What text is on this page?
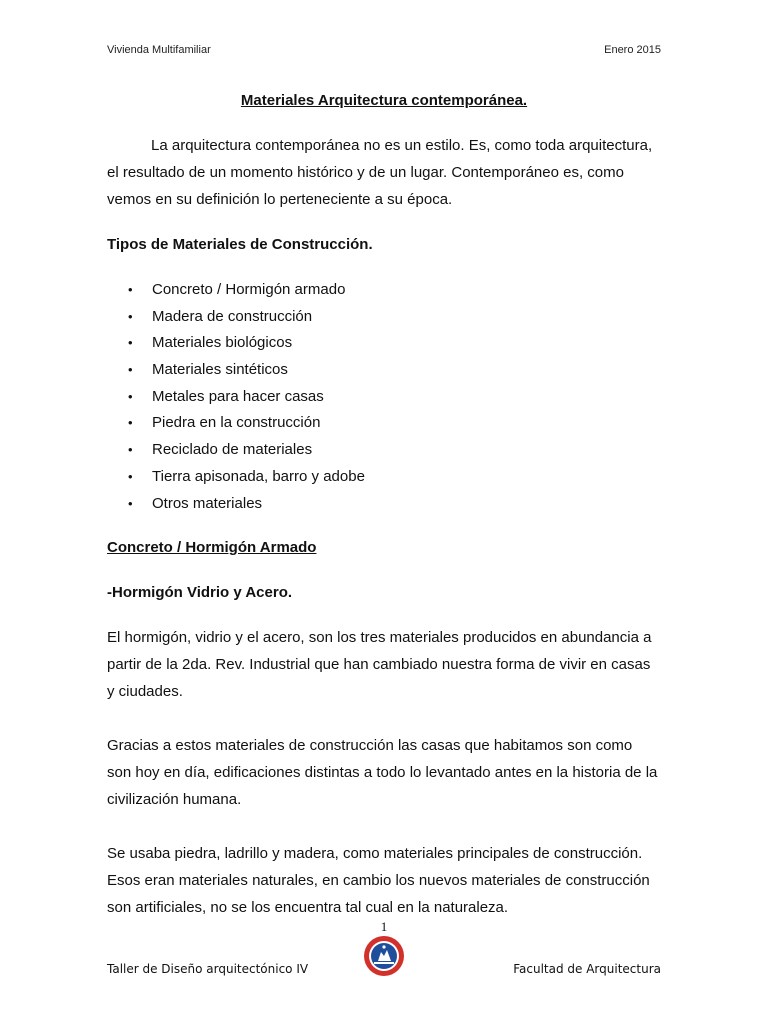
Vivienda Multifamiliar	Enero 2015
Materiales Arquitectura contemporánea.

La arquitectura contemporánea no es un estilo. Es, como toda arquitectura,
el resultado de un momento histórico y de un lugar. Contemporáneo es, como
vemos en su definición lo perteneciente a su época.

Tipos de Materiales de Construcción.

•	Concreto / Hormigón armado
•	Madera de construcción
•	Materiales biológicos
•	Materiales sintéticos
•	Metales para hacer casas
•	Piedra en la construcción
•	Reciclado de materiales
•	Tierra apisonada, barro y adobe
•	Otros materiales

Concreto / Hormigón Armado

-Hormigón Vidrio y Acero.

El hormigón, vidrio y el acero, son los tres materiales producidos en abundancia a
partir de la 2da. Rev. Industrial que han cambiado nuestra forma de vivir en casas
y ciudades.

Gracias a estos materiales de construcción las casas que habitamos son como
son hoy en día, edificaciones distintas a todo lo levantado antes en la historia de la
civilización humana.

Se usaba piedra, ladrillo y madera, como materiales principales de construcción.
Esos eran materiales naturales, en cambio los nuevos materiales de construcción
son artificiales, no se los encuentra tal cual en la naturaleza.

1
Taller de Diseño arquitectónico IV	Facultad de Arquitectura
